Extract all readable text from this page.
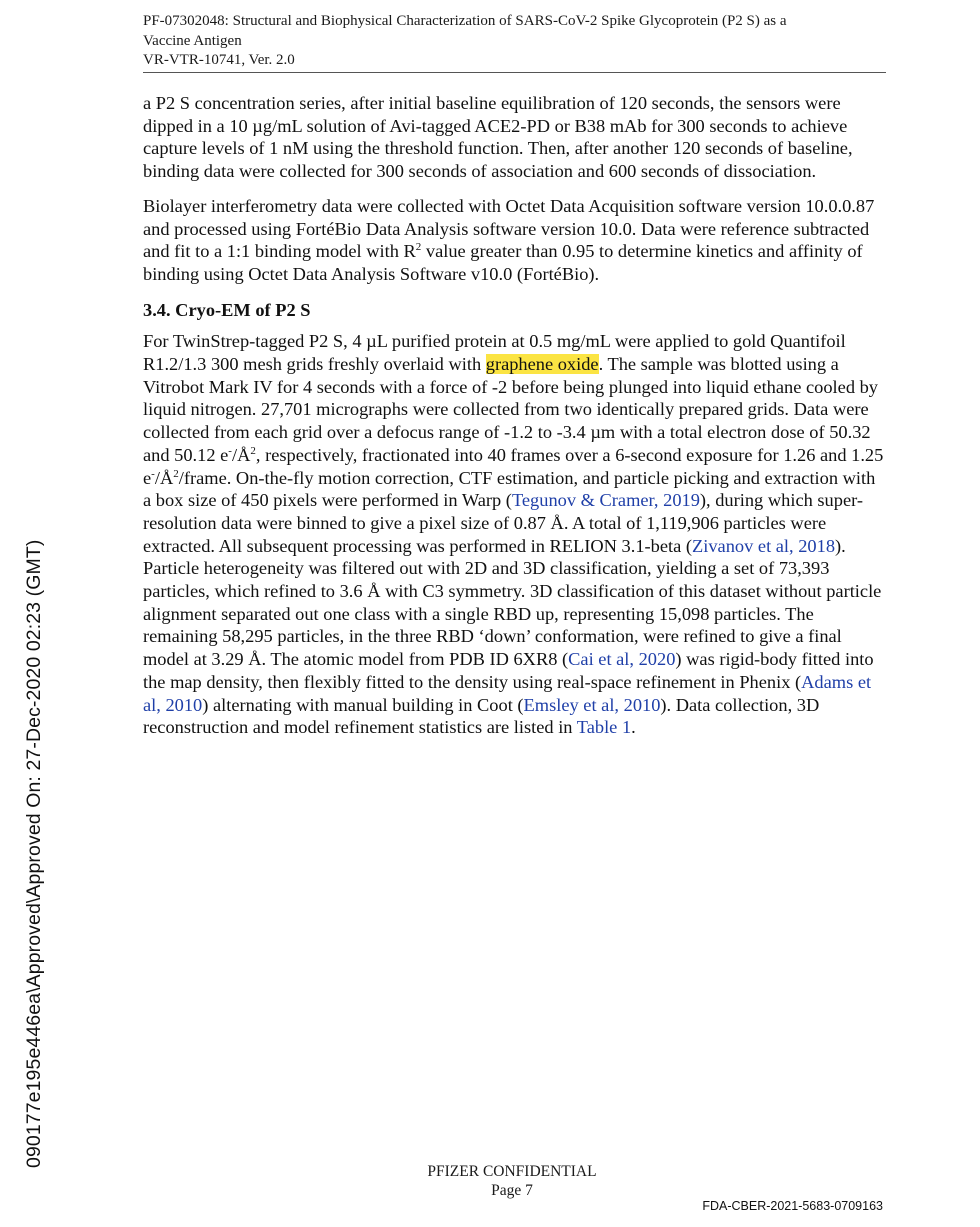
PF-07302048: Structural and Biophysical Characterization of SARS-CoV-2 Spike Glycoprotein (P2 S) as a
Vaccine Antigen
VR-VTR-10741, Ver. 2.0

a P2 S concentration series, after initial baseline equilibration of 120 seconds, the sensors were dipped in a 10 µg/mL solution of Avi-tagged ACE2-PD or B38 mAb for 300 seconds to achieve capture levels of 1 nM using the threshold function. Then, after another 120 seconds of baseline, binding data were collected for 300 seconds of association and 600 seconds of dissociation.

Biolayer interferometry data were collected with Octet Data Acquisition software version 10.0.0.87 and processed using FortéBio Data Analysis software version 10.0. Data were reference subtracted and fit to a 1:1 binding model with $R^2$ value greater than 0.95 to determine kinetics and affinity of binding using Octet Data Analysis Software v10.0 (FortéBio).

3.4. Cryo-EM of P2 S

For TwinStrep-tagged P2 S, 4 µL purified protein at 0.5 mg/mL were applied to gold Quantifoil R1.2/1.3 300 mesh grids freshly overlaid with graphene oxide. The sample was blotted using a Vitrobot Mark IV for 4 seconds with a force of -2 before being plunged into liquid ethane cooled by liquid nitrogen. 27,701 micrographs were collected from two identically prepared grids. Data were collected from each grid over a defocus range of -1.2 to -3.4 µm with a total electron dose of 50.32 and 50.12 $e^-/Å^2$, respectively, fractionated into 40 frames over a 6-second exposure for 1.26 and 1.25 $e^-/Å^2$/frame. On-the-fly motion correction, CTF estimation, and particle picking and extraction with a box size of 450 pixels were performed in Warp (Tegunov & Cramer, 2019), during which super-resolution data were binned to give a pixel size of 0.87 Å. A total of 1,119,906 particles were extracted. All subsequent processing was performed in RELION 3.1-beta (Zivanov et al, 2018). Particle heterogeneity was filtered out with 2D and 3D classification, yielding a set of 73,393 particles, which refined to 3.6 Å with C3 symmetry. 3D classification of this dataset without particle alignment separated out one class with a single RBD up, representing 15,098 particles. The remaining 58,295 particles, in the three RBD ‘down’ conformation, were refined to give a final model at 3.29 Å. The atomic model from PDB ID 6XR8 (Cai et al, 2020) was rigid-body fitted into the map density, then flexibly fitted to the density using real-space refinement in Phenix (Adams et al, 2010) alternating with manual building in Coot (Emsley et al, 2010). Data collection, 3D reconstruction and model refinement statistics are listed in Table 1.

090177e195e446ea\Approved\Approved On: 27-Dec-2020 02:23 (GMT)
PFIZER CONFIDENTIAL
Page 7
FDA-CBER-2021-5683-0709163
